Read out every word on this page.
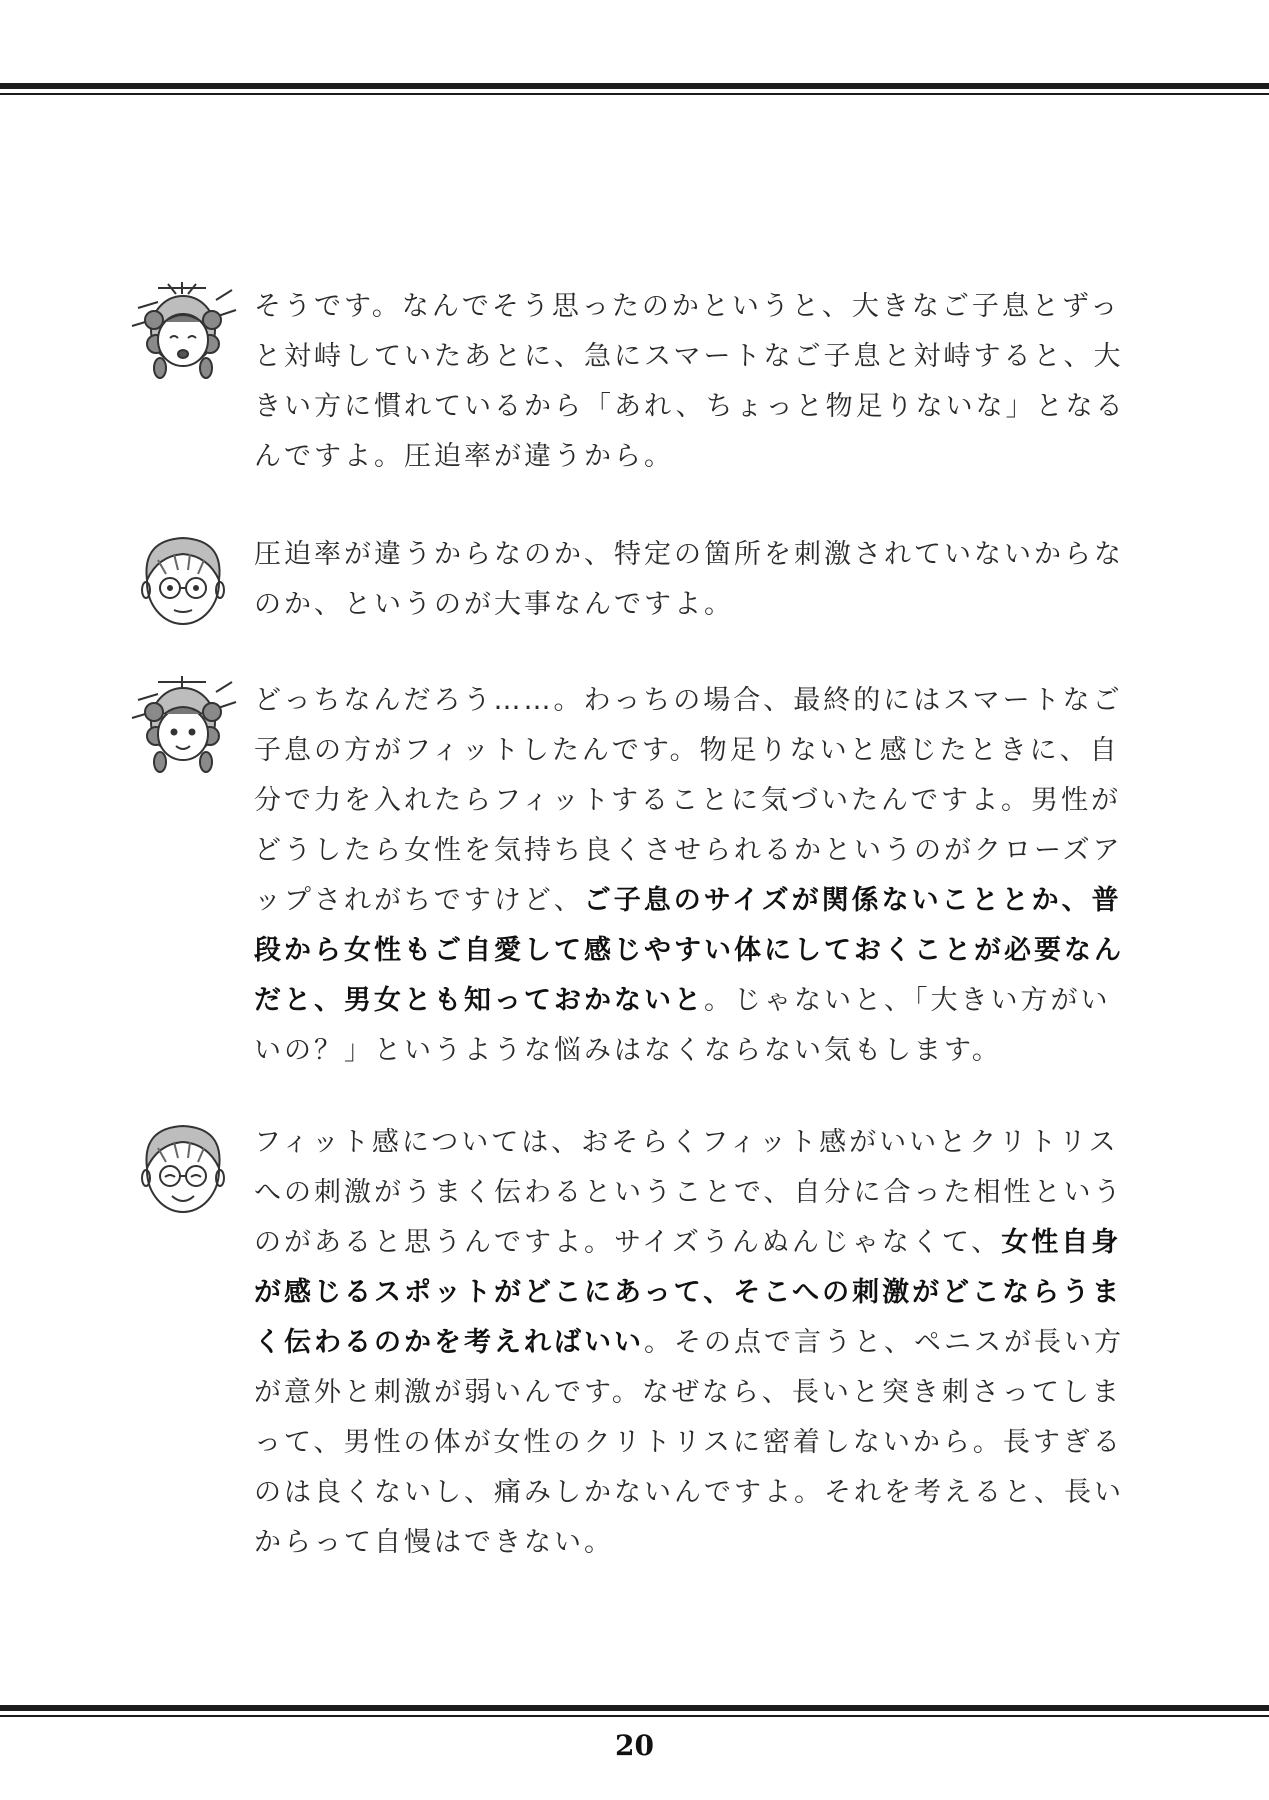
そうです。なんでそう思ったのかというと、大きなご子息とずっと対峙していたあとに、急にスマートなご子息と対峙すると、大きい方に慣れているから「あれ、ちょっと物足りないな」となるんですよ。圧迫率が違うから。

圧迫率が違うからなのか、特定の箇所を刺激されていないからなのか、というのが大事なんですよ。

どっちなんだろう……。わっちの場合、最終的にはスマートなご子息の方がフィットしたんです。物足りないと感じたときに、自分で力を入れたらフィットすることに気づいたんですよ。男性がどうしたら女性を気持ち良くさせられるかというのがクローズアップされがちですけど、ご子息のサイズが関係ないこととか、普段から女性もご自愛して感じやすい体にしておくことが必要なんだと、男女とも知っておかないと。じゃないと、「大きい方がいいの？」というような悩みはなくならない気もします。

フィット感については、おそらくフィット感がいいとクリトリスへの刺激がうまく伝わるということで、自分に合った相性というのがあると思うんですよ。サイズうんぬんじゃなくて、女性自身が感じるスポットがどこにあって、そこへの刺激がどこならうまく伝わるのかを考えればいい。その点で言うと、ペニスが長い方が意外と刺激が弱いんです。なぜなら、長いと突き刺さってしまって、男性の体が女性のクリトリスに密着しないから。長すぎるのは良くないし、痛みしかないんですよ。それを考えると、長いからって自慢はできない。

20
